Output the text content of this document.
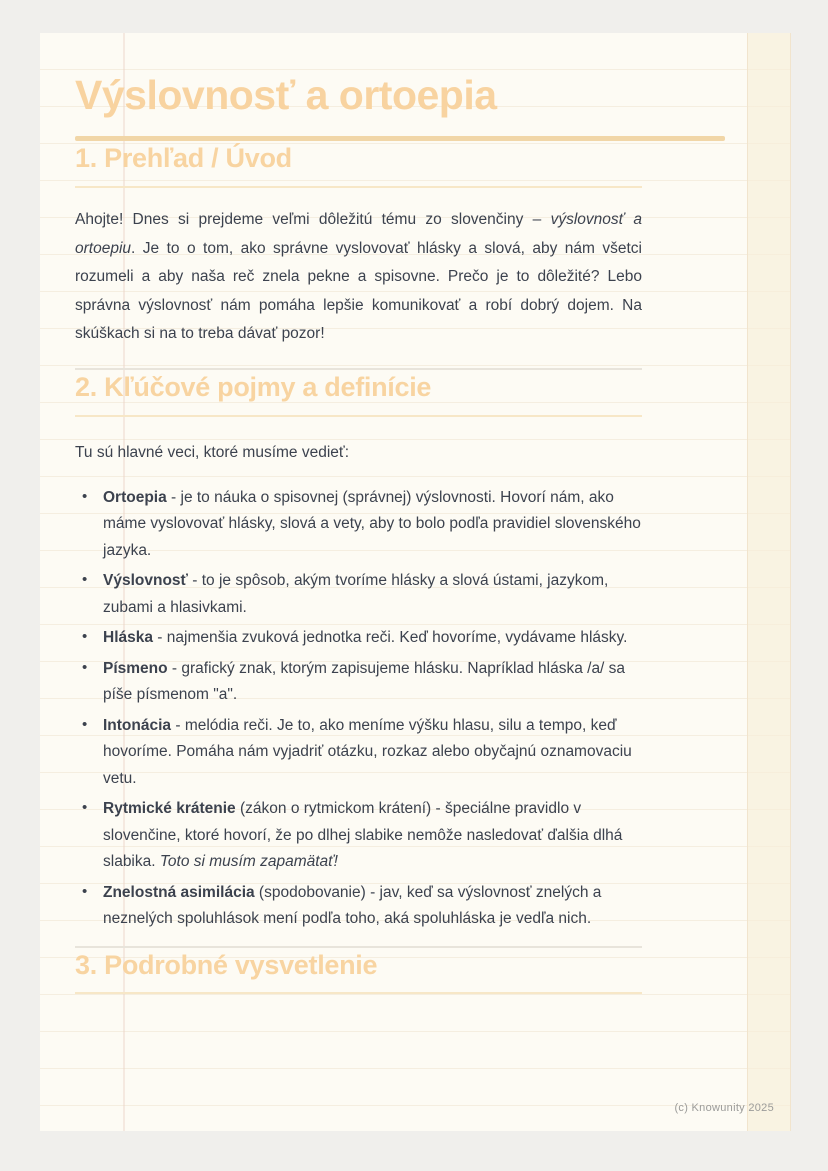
Výslovnosť a ortoepia
1. Prehľad / Úvod

Ahojte! Dnes si prejdeme veľmi dôležitú tému zo slovenčiny – výslovnosť a ortoepiu. Je to o tom, ako správne vyslovovať hlásky a slová, aby nám všetci rozumeli a aby naša reč znela pekne a spisovne. Prečo je to dôležité? Lebo správna výslovnosť nám pomáha lepšie komunikovať a robí dobrý dojem. Na skúškach si na to treba dávať pozor!

2. Kľúčové pojmy a definície

Tu sú hlavné veci, ktoré musíme vedieť:

• Ortoepia - je to náuka o spisovnej (správnej) výslovnosti. Hovorí nám, ako máme vyslovovať hlásky, slová a vety, aby to bolo podľa pravidiel slovenského jazyka.
• Výslovnosť - to je spôsob, akým tvoríme hlásky a slová ústami, jazykom, zubami a hlasivkami.
• Hláska - najmenšia zvuková jednotka reči. Keď hovoríme, vydávame hlásky.
• Písmeno - grafický znak, ktorým zapisujeme hlásku. Napríklad hláska /a/ sa píše písmenom "a".
• Intonácia - melódia reči. Je to, ako meníme výšku hlasu, silu a tempo, keď hovoríme. Pomáha nám vyjadriť otázku, rozkaz alebo obyčajnú oznamovaciu vetu.
• Rytmické krátenie (zákon o rytmickom krátení) - špeciálne pravidlo v slovenčine, ktoré hovorí, že po dlhej slabike nemôže nasledovať ďalšia dlhá slabika. Toto si musím zapamätať!
• Znelostná asimilácia (spodobovanie) - jav, keď sa výslovnosť znelých a neznelých spoluhlások mení podľa toho, aká spoluhláska je vedľa nich.
3. Podrobné vysvetlenie
(c) Knowunity 2025
